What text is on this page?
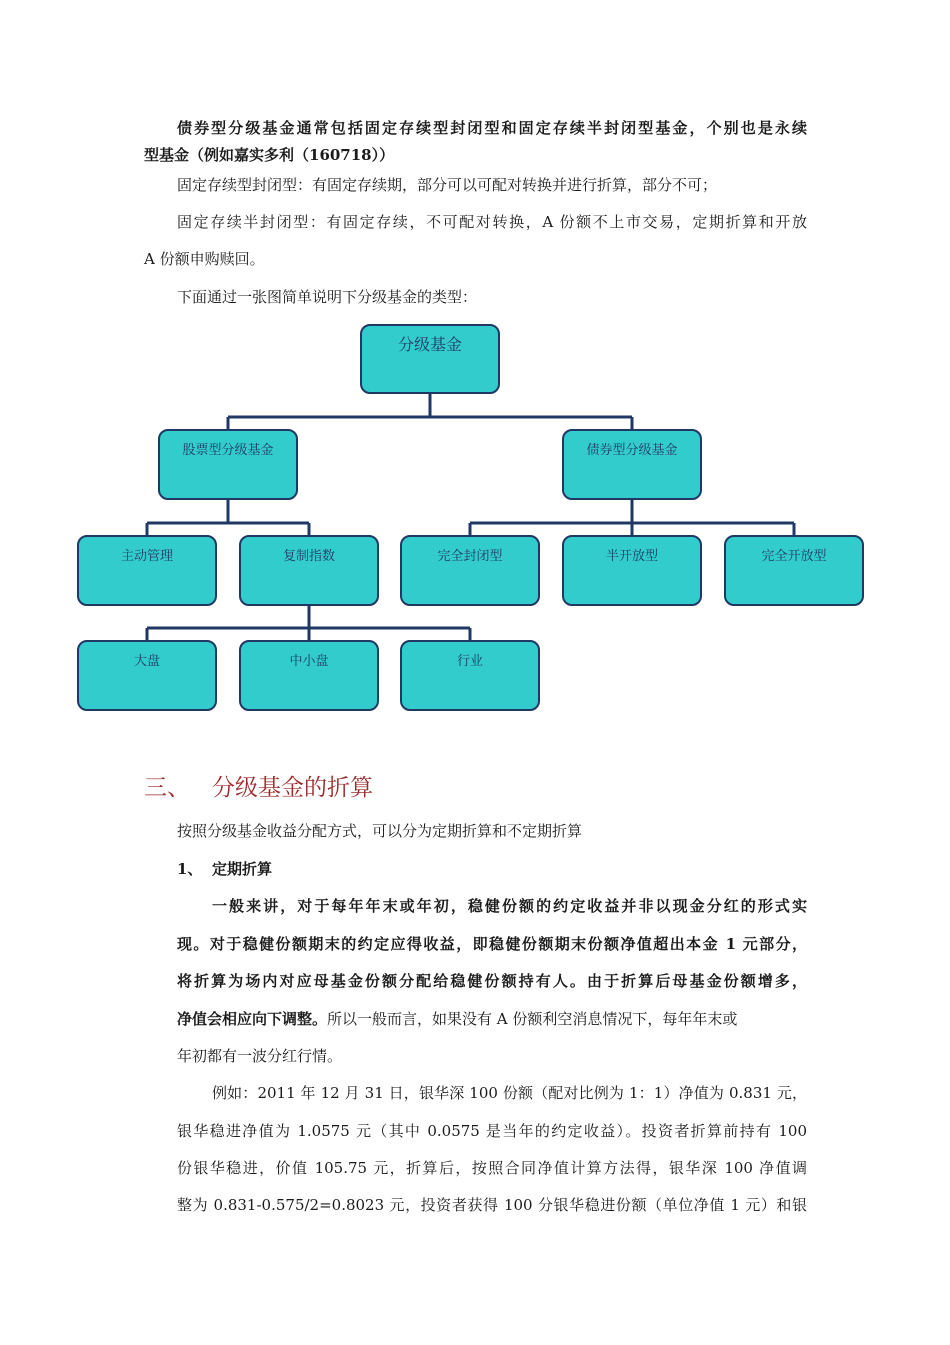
债券型分级基金通常包括固定存续型封闭型和固定存续半封闭型基金，个别也是永续
型基金（例如嘉实多利（160718））
固定存续型封闭型：有固定存续期，部分可以可配对转换并进行折算，部分不可；
固定存续半封闭型：有固定存续，不可配对转换，A 份额不上市交易，定期折算和开放
A 份额申购赎回。
下面通过一张图简单说明下分级基金的类型：
分级基金
股票型分级基金	债券型分级基金
主动管理	复制指数	完全封闭型	半开放型	完全开放型
大盘	中小盘	行业
三、 分级基金的折算
按照分级基金收益分配方式，可以分为定期折算和不定期折算
1、 定期折算
一般来讲，对于每年年末或年初，稳健份额的约定收益并非以现金分红的形式实
现。对于稳健份额期末的约定应得收益，即稳健份额期末份额净值超出本金 1 元部分，
将折算为场内对应母基金份额分配给稳健份额持有人。由于折算后母基金份额增多，
净值会相应向下调整。所以一般而言，如果没有 A 份额利空消息情况下，每年年末或
年初都有一波分红行情。
例如：2011 年 12 月 31 日，银华深 100 份额（配对比例为 1：1）净值为 0.831 元，
银华稳进净值为 1.0575 元（其中 0.0575 是当年的约定收益）。投资者折算前持有 100
份银华稳进，价值 105.75 元，折算后，按照合同净值计算方法得，银华深 100 净值调
整为 0.831-0.575/2=0.8023 元，投资者获得 100 分银华稳进份额（单位净值 1 元）和银
